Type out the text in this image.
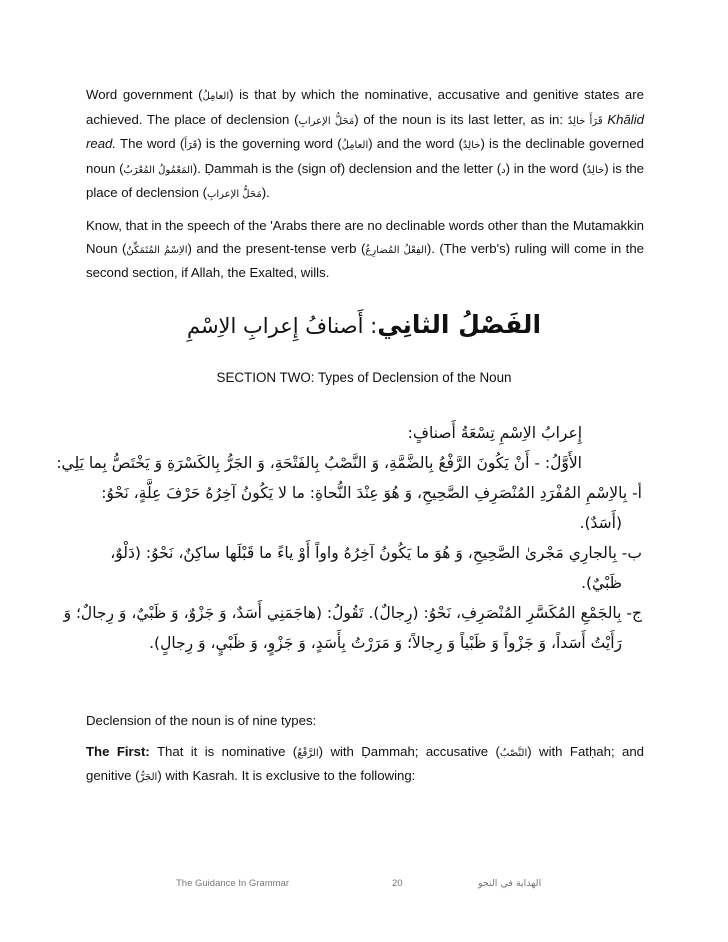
Word government (العامِلُ) is that by which the nominative, accusative and genitive states are achieved. The place of declension (مَحَلُّ الإعرابِ) of the noun is its last letter, as in: قَرَأَ خالِدٌ Khālid read. The word (قَرَأَ) is the governing word (العامِلُ) and the word (خالِدٌ) is the declinable governed noun (المَعْمُولُ المُعْرَبُ). Ḍammah is the (sign of) declension and the letter (د) in the word (خالِدٌ) is the place of declension (مَحَلُّ الإعرابِ).

Know, that in the speech of the 'Arabs there are no declinable words other than the Mutamakkin Noun (الاِسْمُ المُتَمَكِّنُ) and the present-tense verb (الفِعْلُ المُضارِعُ). (The verb's) ruling will come in the second section, if Allah, the Exalted, wills.

الفَصْلُ الثانِي: أَصنافُ إِعرابِ الاِسْمِ
SECTION TWO: Types of Declension of the Noun

إِعرابُ الاِسْمِ تِسْعَةُ أَصنافٍ:

الأَوَّلُ: - أَنْ يَكُونَ الرَّفْعُ بِالضَّمَّةِ، وَ النَّصْبُ بِالفَتْحَةِ، وَ الجَرُّ بِالكَسْرَةِ وَ يَخْتَصُّ بِما يَلِي:

أ- بِالاِسْمِ المُفْرَدِ المُنْصَرِفِ الصَّحِيحِ، وَ هُوَ عِنْدَ النُّحاةِ: ما لا يَكُونُ آخِرُهُ حَرْفَ عِلَّةٍ، نَحْوُ:

(أَسَدٌ).

ب- بِالجارِي مَجْرىٰ الصَّحِيحِ، وَ هُوَ ما يَكُونُ آخِرُهُ واواً أَوْ ياءً ما قَبْلَها ساكِنٌ، نَحْوُ: (دَلْوٌ،

ظَبْيٌ).

ج- بِالجَمْعِ المُكَسَّرِ المُنْصَرِفِ، نَحْوُ: (رِجالٌ). تَقُولُ: (هاجَمَنِي أَسَدٌ، وَ جَزْوٌ، وَ ظَبْيٌ، وَ رِجالٌ؛ وَ

رَأَيْتُ أَسَداً، وَ جَزْواً وَ ظَبْياً وَ رِجالاً؛ وَ مَرَرْتُ بِأَسَدٍ، وَ جَزْوٍ، وَ ظَبْيٍ، وَ رِجالٍ).

Declension of the noun is of nine types:

The First: That it is nominative (الرَّفْعُ) with Ḍammah; accusative (النَّصْبُ) with Fatḥah; and genitive (الجَرُّ) with Kasrah. It is exclusive to the following:

The Guidance In Grammar	20	الهداية في النحو
